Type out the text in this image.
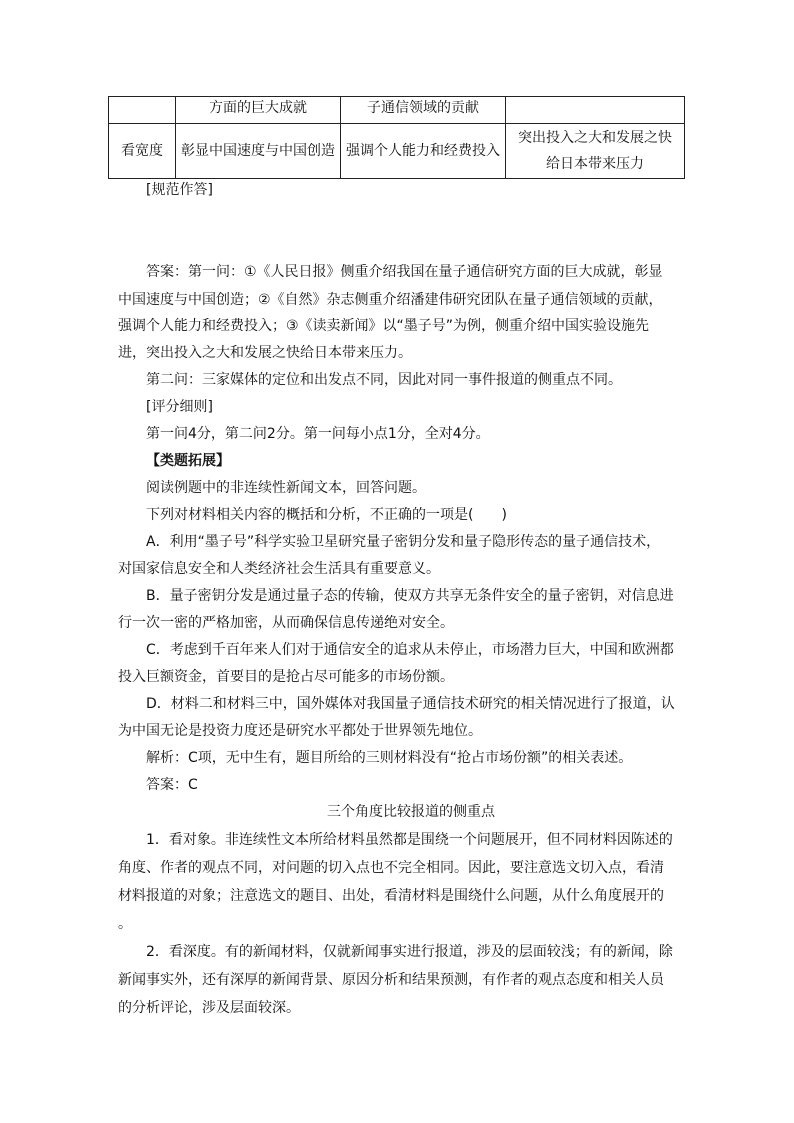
	方面的巨大成就	子通信领域的贡献	
看宽度	彰显中国速度与中国创造	强调个人能力和经费投入	突出投入之大和发展之快
给日本带来压力
[规范作答]
答案：第一问：①《人民日报》侧重介绍我国在量子通信研究方面的巨大成就，彰显
中国速度与中国创造；②《自然》杂志侧重介绍潘建伟研究团队在量子通信领域的贡献，
强调个人能力和经费投入；③《读卖新闻》以“墨子号”为例，侧重介绍中国实验设施先
进，突出投入之大和发展之快给日本带来压力。
第二问：三家媒体的定位和出发点不同，因此对同一事件报道的侧重点不同。
[评分细则]
第一问4分，第二问2分。第一问每小点1分，全对4分。
【类题拓展】
阅读例题中的非连续性新闻文本，回答问题。
下列对材料相关内容的概括和分析，不正确的一项是(　　)
A．利用“墨子号”科学实验卫星研究量子密钥分发和量子隐形传态的量子通信技术，
对国家信息安全和人类经济社会生活具有重要意义。
B．量子密钥分发是通过量子态的传输，使双方共享无条件安全的量子密钥，对信息进
行一次一密的严格加密，从而确保信息传递绝对安全。
C．考虑到千百年来人们对于通信安全的追求从未停止，市场潜力巨大，中国和欧洲都
投入巨额资金，首要目的是抢占尽可能多的市场份额。
D．材料二和材料三中，国外媒体对我国量子通信技术研究的相关情况进行了报道，认
为中国无论是投资力度还是研究水平都处于世界领先地位。
解析：C项，无中生有，题目所给的三则材料没有“抢占市场份额”的相关表述。
答案：C
三个角度比较报道的侧重点
1．看对象。非连续性文本所给材料虽然都是围绕一个问题展开，但不同材料因陈述的
角度、作者的观点不同，对问题的切入点也不完全相同。因此，要注意选文切入点，看清
材料报道的对象；注意选文的题目、出处，看清材料是围绕什么问题，从什么角度展开的
。
2．看深度。有的新闻材料，仅就新闻事实进行报道，涉及的层面较浅；有的新闻，除
新闻事实外，还有深厚的新闻背景、原因分析和结果预测，有作者的观点态度和相关人员
的分析评论，涉及层面较深。
